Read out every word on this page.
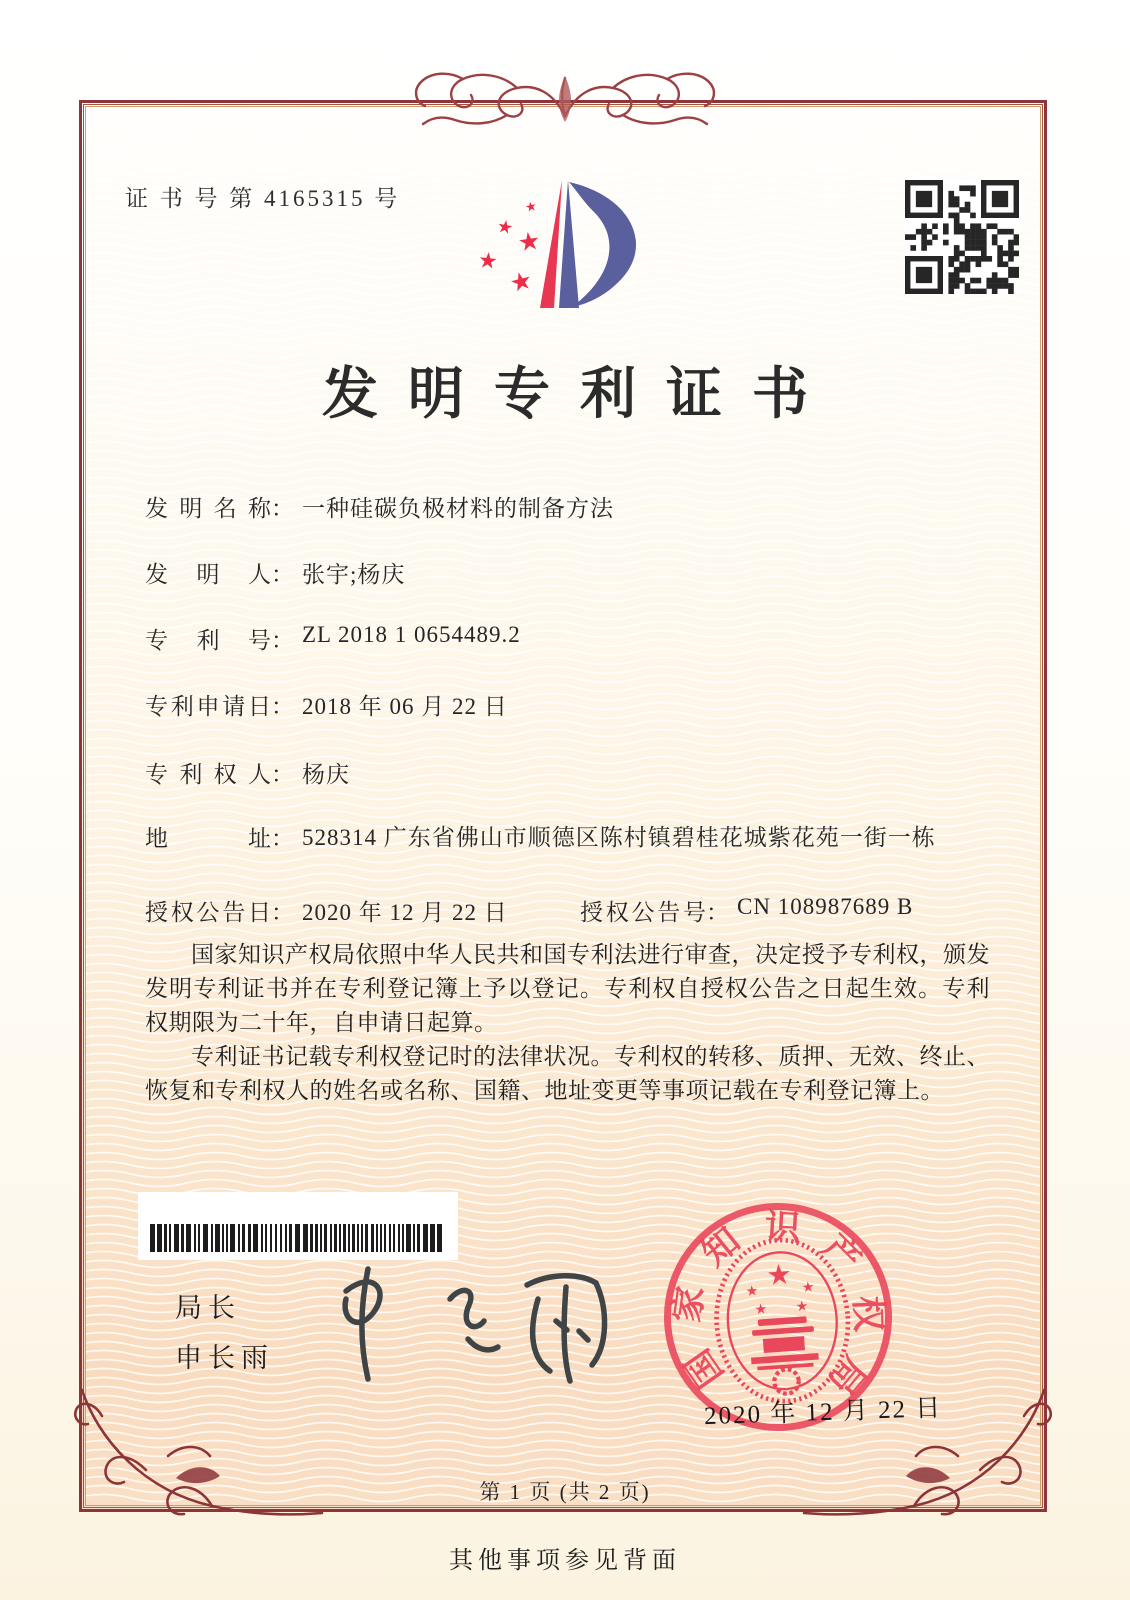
证 书 号 第 4165315 号	★
★
★
★
★
发明专利证书
发明名称： 一种硅碳负极材料的制备方法
发明人： 张宇;杨庆
专利号： ZL 2018 1 0654489.2
专利申请日： 2018 年 06 月 22 日
专利权人： 杨庆
地址： 528314 广东省佛山市顺德区陈村镇碧桂花城紫花苑一街一栋
授权公告日： 2020 年 12 月 22 日	授权公告号： CN 108987689 B

国家知识产权局依照中华人民共和国专利法进行审查，决定授予专利权，颁发发明专利证书并在专利登记簿上予以登记。专利权自授权公告之日起生效。专利权期限为二十年，自申请日起算。

专利证书记载专利权登记时的法律状况。专利权的转移、质押、无效、终止、恢复和专利权人的姓名或名称、国籍、地址变更等事项记载在专利登记簿上。

局长
申长雨	国
家
知 识 产
权
局
★
★	★
★ ★
2020 年 12 月 22 日
第 1 页 (共 2 页)
其他事项参见背面
